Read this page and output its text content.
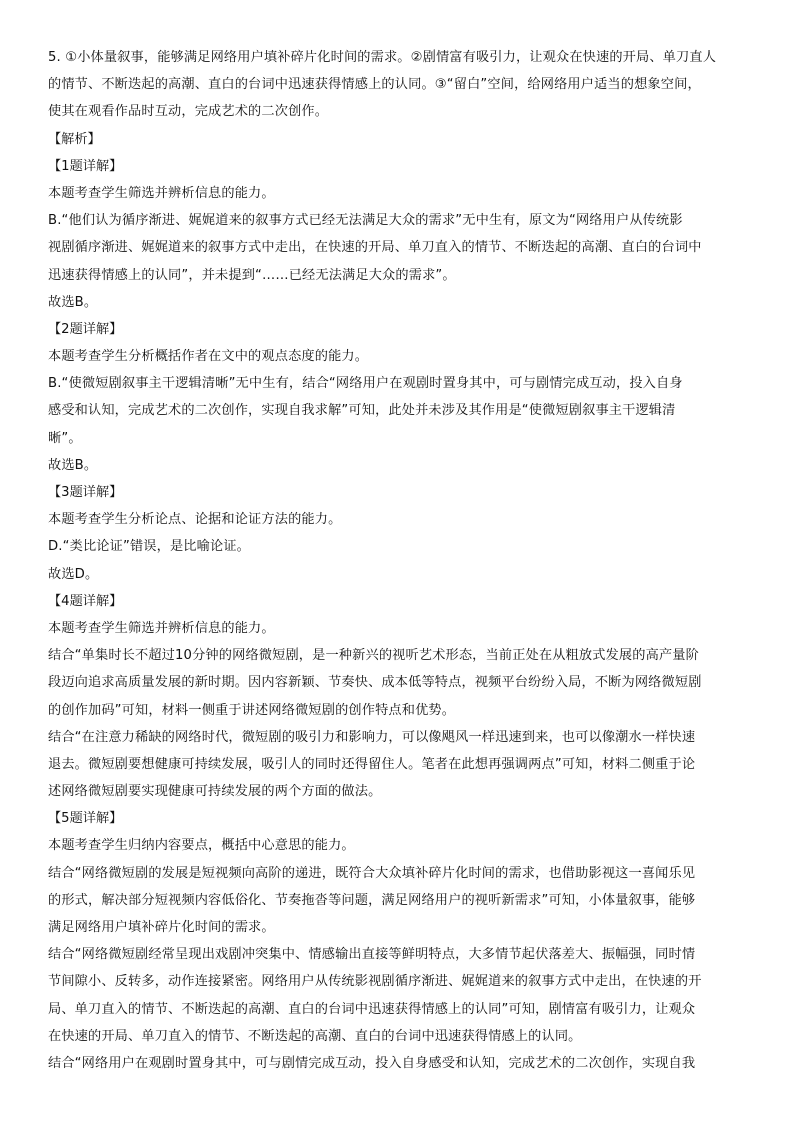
5. ①小体量叙事，能够满足网络用户填补碎片化时间的需求。②剧情富有吸引力，让观众在快速的开局、单刀直人
的情节、不断迭起的高潮、直白的台词中迅速获得情感上的认同。③“留白”空间，给网络用户适当的想象空间，
使其在观看作品时互动，完成艺术的二次创作。
【解析】
【1题详解】
本题考查学生筛选并辨析信息的能力。
B.“他们认为循序渐进、娓娓道来的叙事方式已经无法满足大众的需求”无中生有，原文为“网络用户从传统影
视剧循序渐进、娓娓道来的叙事方式中走出，在快速的开局、单刀直入的情节、不断迭起的高潮、直白的台词中
迅速获得情感上的认同”，并未提到“……已经无法满足大众的需求”。
故选B。
【2题详解】
本题考查学生分析概括作者在文中的观点态度的能力。
B.“使微短剧叙事主干逻辑清晰”无中生有，结合“网络用户在观剧时置身其中，可与剧情完成互动，投入自身
感受和认知，完成艺术的二次创作，实现自我求解”可知，此处并未涉及其作用是“使微短剧叙事主干逻辑清
晰”。
故选B。
【3题详解】
本题考查学生分析论点、论据和论证方法的能力。
D.“类比论证”错误，是比喻论证。
故选D。
【4题详解】
本题考查学生筛选并辨析信息的能力。
结合“单集时长不超过10分钟的网络微短剧，是一种新兴的视听艺术形态，当前正处在从粗放式发展的高产量阶
段迈向追求高质量发展的新时期。因内容新颖、节奏快、成本低等特点，视频平台纷纷入局，不断为网络微短剧
的创作加码”可知，材料一侧重于讲述网络微短剧的创作特点和优势。
结合“在注意力稀缺的网络时代，微短剧的吸引力和影响力，可以像飓风一样迅速到来，也可以像潮水一样快速
退去。微短剧要想健康可持续发展，吸引人的同时还得留住人。笔者在此想再强调两点”可知，材料二侧重于论
述网络微短剧要实现健康可持续发展的两个方面的做法。
【5题详解】
本题考查学生归纳内容要点，概括中心意思的能力。
结合“网络微短剧的发展是短视频向高阶的递进，既符合大众填补碎片化时间的需求，也借助影视这一喜闻乐见
的形式，解决部分短视频内容低俗化、节奏拖沓等问题，满足网络用户的视听新需求”可知，小体量叙事，能够
满足网络用户填补碎片化时间的需求。
结合“网络微短剧经常呈现出戏剧冲突集中、情感输出直接等鲜明特点，大多情节起伏落差大、振幅强，同时情
节间隙小、反转多，动作连接紧密。网络用户从传统影视剧循序渐进、娓娓道来的叙事方式中走出，在快速的开
局、单刀直入的情节、不断迭起的高潮、直白的台词中迅速获得情感上的认同”可知，剧情富有吸引力，让观众
在快速的开局、单刀直入的情节、不断迭起的高潮、直白的台词中迅速获得情感上的认同。
结合“网络用户在观剧时置身其中，可与剧情完成互动，投入自身感受和认知，完成艺术的二次创作，实现自我
